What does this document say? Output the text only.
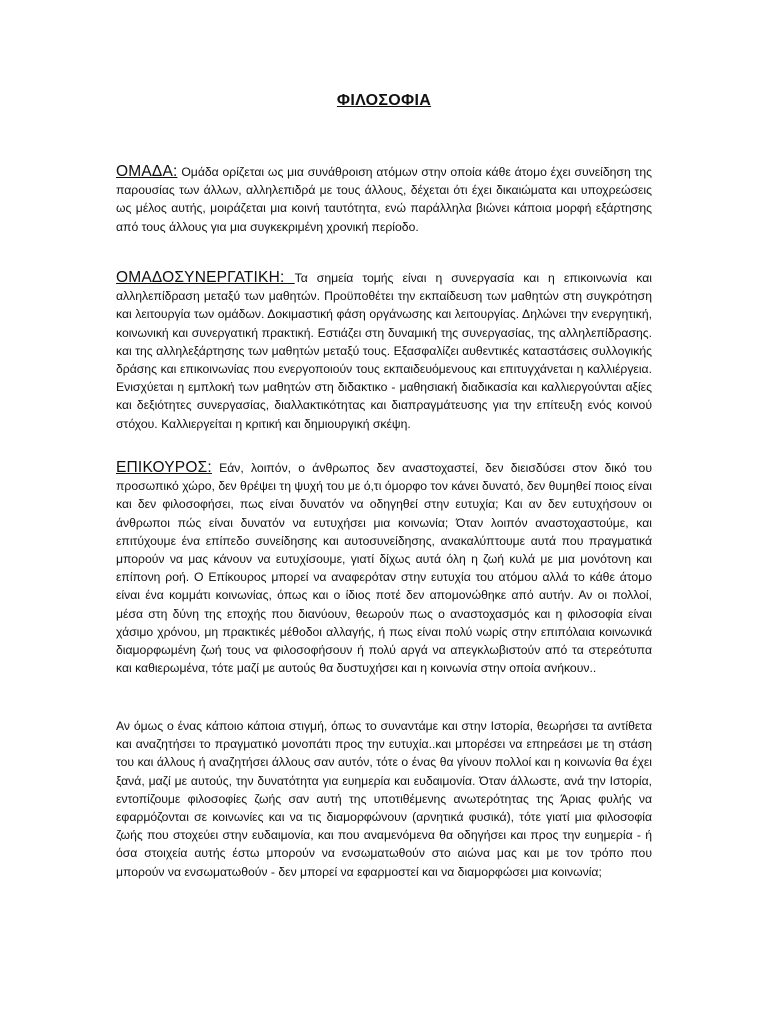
ΦΙΛΟΣΟΦΙΑ

ΟΜΑΔΑ: Ομάδα ορίζεται ως μια συνάθροιση ατόμων στην οποία κάθε άτομο έχει συνείδηση της παρουσίας των άλλων, αλληλεπιδρά με τους άλλους, δέχεται ότι έχει δικαιώματα και υποχρεώσεις ως μέλος αυτής, μοιράζεται μια κοινή ταυτότητα, ενώ παράλληλα βιώνει κάποια μορφή εξάρτησης από τους άλλους για μια συγκεκριμένη χρονική περίοδο.

ΟΜΑΔΟΣΥΝΕΡΓΑΤΙΚΗ: Τα σημεία τομής είναι η συνεργασία και η επικοινωνία και αλληλεπίδραση μεταξύ των μαθητών. Προϋποθέτει την εκπαίδευση των μαθητών στη συγκρότηση και λειτουργία των ομάδων. Δοκιμαστική φάση οργάνωσης και λειτουργίας. Δηλώνει την ενεργητική, κοινωνική και συνεργατική πρακτική. Εστιάζει στη δυναμική της συνεργασίας, της αλληλεπίδρασης. και της αλληλεξάρτησης των μαθητών μεταξύ τους. Εξασφαλίζει αυθεντικές καταστάσεις συλλογικής δράσης και επικοινωνίας που ενεργοποιούν τους εκπαιδευόμενους και επιτυγχάνεται η καλλιέργεια. Ενισχύεται η εμπλοκή των μαθητών στη διδακτικο - μαθησιακή διαδικασία και καλλιεργούνται αξίες και δεξιότητες συνεργασίας, διαλλακτικότητας και διαπραγμάτευσης για την επίτευξη ενός κοινού στόχου. Καλλιεργείται η κριτική και δημιουργική σκέψη.

ΕΠΙΚΟΥΡΟΣ: Εάν, λοιπόν, ο άνθρωπος δεν αναστοχαστεί, δεν διεισδύσει στον δικό του προσωπικό χώρο, δεν θρέψει τη ψυχή του με ό,τι όμορφο τον κάνει δυνατό, δεν θυμηθεί ποιος είναι και δεν φιλοσοφήσει, πως είναι δυνατόν να οδηγηθεί στην ευτυχία; Και αν δεν ευτυχήσουν οι άνθρωποι πώς είναι δυνατόν να ευτυχήσει μια κοινωνία; Όταν λοιπόν αναστοχαστούμε, και επιτύχουμε ένα επίπεδο συνείδησης και αυτοσυνείδησης, ανακαλύπτουμε αυτά που πραγματικά μπορούν να μας κάνουν να ευτυχίσουμε, γιατί δίχως αυτά όλη η ζωή κυλά με μια μονότονη και επίπονη ροή. Ο Επίκουρος μπορεί να αναφερόταν στην ευτυχία του ατόμου αλλά το κάθε άτομο είναι ένα κομμάτι κοινωνίας, όπως και ο ίδιος ποτέ δεν απομονώθηκε από αυτήν. Αν οι πολλοί, μέσα στη δύνη της εποχής που διανύουν, θεωρούν πως ο αναστοχασμός και η φιλοσοφία είναι χάσιμο χρόνου, μη πρακτικές μέθοδοι αλλαγής, ή πως είναι πολύ νωρίς στην επιπόλαια κοινωνικά διαμορφωμένη ζωή τους να φιλοσοφήσουν ή πολύ αργά να απεγκλωβιστούν από τα στερεότυπα και καθιερωμένα, τότε μαζί με αυτούς θα δυστυχήσει και η κοινωνία στην οποία ανήκουν..

Αν όμως ο ένας κάποιο κάποια στιγμή, όπως το συναντάμε και στην Ιστορία, θεωρήσει τα αντίθετα και αναζητήσει το πραγματικό μονοπάτι προς την ευτυχία..και μπορέσει να επηρεάσει με τη στάση του και άλλους ή αναζητήσει άλλους σαν αυτόν, τότε ο ένας θα γίνουν πολλοί και η κοινωνία θα έχει ξανά, μαζί με αυτούς, την δυνατότητα για ευημερία και ευδαιμονία. Όταν άλλωστε, ανά την Ιστορία, εντοπίζουμε φιλοσοφίες ζωής σαν αυτή της υποτιθέμενης ανωτερότητας της Άριας φυλής να εφαρμόζονται σε κοινωνίες και να τις διαμορφώνουν (αρνητικά φυσικά), τότε γιατί μια φιλοσοφία ζωής που στοχεύει στην ευδαιμονία, και που αναμενόμενα θα οδηγήσει και προς την ευημερία - ή όσα στοιχεία αυτής έστω μπορούν να ενσωματωθούν στο αιώνα μας και με τον τρόπο που μπορούν να ενσωματωθούν - δεν μπορεί να εφαρμοστεί και να διαμορφώσει μια κοινωνία;
